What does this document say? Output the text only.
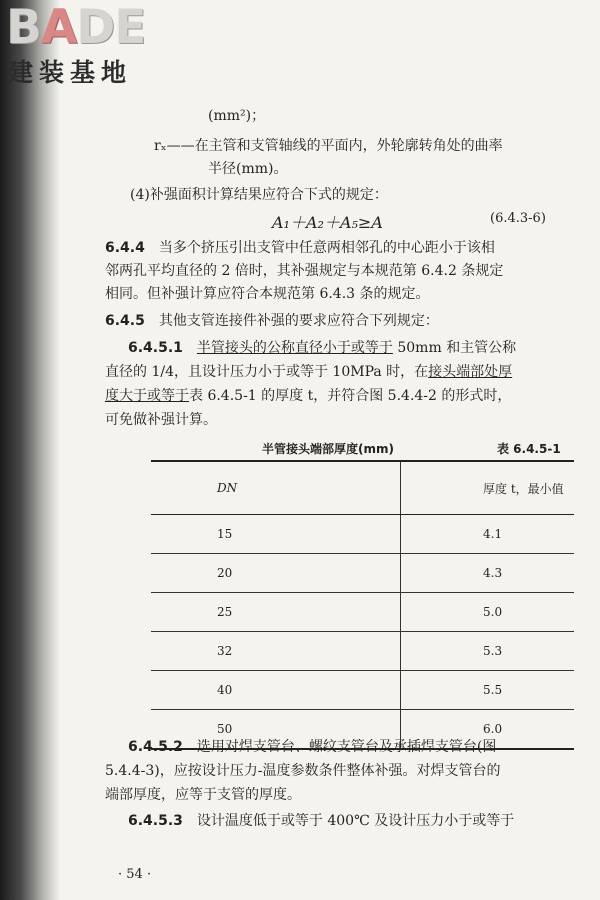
BADE
建装基地
(mm²)；
rₓ——在主管和支管轴线的平面内，外轮廓转角处的曲率
半径(mm)。
(4)补强面积计算结果应符合下式的规定：
A₁＋A₂＋A₅≥A	(6.4.3-6)
6.4.4　 当多个挤压引出支管中任意两相邻孔的中心距小于该相
邻两孔平均直径的 2 倍时，其补强规定与本规范第 6.4.2 条规定
相同。但补强计算应符合本规范第 6.4.3 条的规定。
6.4.5　 其他支管连接件补强的要求应符合下列规定：
6.4.5.1　 半管接头的公称直径小于或等于 50mm 和主管公称
直径的 1/4，且设计压力小于或等于 10MPa 时，在接头端部处厚
度大于或等于表 6.4.5-1 的厚度 t，并符合图 5.4.4-2 的形式时，
可免做补强计算。
半管接头端部厚度(mm)	表 6.4.5-1
DN	厚度 t，最小值
15	4.1
20	4.3
25	5.0
32	5.3
40	5.5
50	6.0
6.4.5.2　 选用对焊支管台、螺纹支管台及承插焊支管台(图
5.4.4-3)，应按设计压力-温度参数条件整体补强。对焊支管台的
端部厚度，应等于支管的厚度。
6.4.5.3　 设计温度低于或等于 400℃ 及设计压力小于或等于
· 54 ·
